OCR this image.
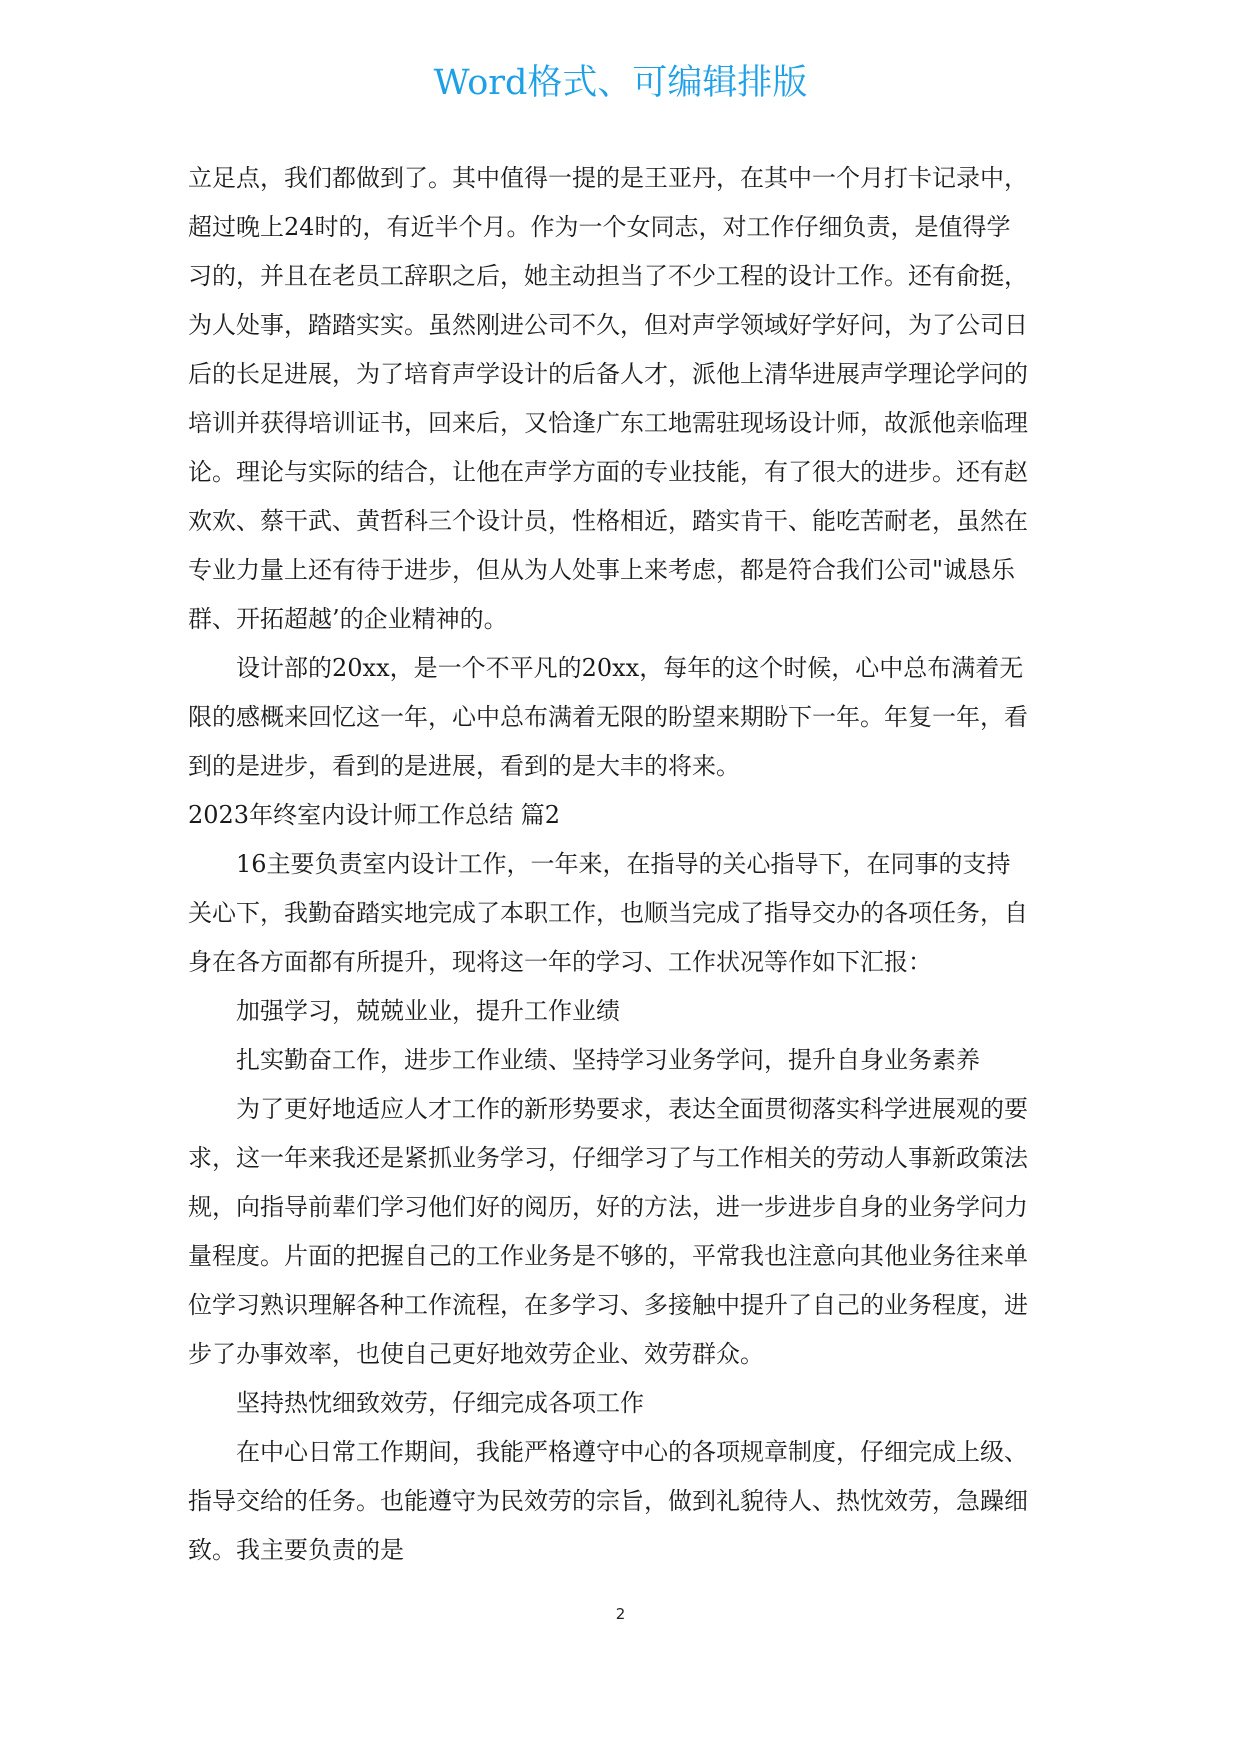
Word格式、可编辑排版
立足点，我们都做到了。其中值得一提的是王亚丹，在其中一个月打卡记录中，
超过晚上24时的，有近半个月。作为一个女同志，对工作仔细负责，是值得学
习的，并且在老员工辞职之后，她主动担当了不少工程的设计工作。还有俞挺，
为人处事，踏踏实实。虽然刚进公司不久，但对声学领域好学好问，为了公司日
后的长足进展，为了培育声学设计的后备人才，派他上清华进展声学理论学问的
培训并获得培训证书，回来后，又恰逢广东工地需驻现场设计师，故派他亲临理
论。理论与实际的结合，让他在声学方面的专业技能，有了很大的进步。还有赵
欢欢、蔡干武、黄哲科三个设计员，性格相近，踏实肯干、能吃苦耐老，虽然在
专业力量上还有待于进步，但从为人处事上来考虑，都是符合我们公司"诚恳乐
群、开拓超越’的企业精神的。
设计部的20xx，是一个不平凡的20xx，每年的这个时候，心中总布满着无
限的感概来回忆这一年，心中总布满着无限的盼望来期盼下一年。年复一年，看
到的是进步，看到的是进展，看到的是大丰的将来。
2023年终室内设计师工作总结 篇2
16主要负责室内设计工作，一年来，在指导的关心指导下，在同事的支持
关心下，我勤奋踏实地完成了本职工作，也顺当完成了指导交办的各项任务，自
身在各方面都有所提升，现将这一年的学习、工作状况等作如下汇报：
加强学习，兢兢业业，提升工作业绩
扎实勤奋工作，进步工作业绩、坚持学习业务学问，提升自身业务素养
为了更好地适应人才工作的新形势要求，表达全面贯彻落实科学进展观的要
求，这一年来我还是紧抓业务学习，仔细学习了与工作相关的劳动人事新政策法
规，向指导前辈们学习他们好的阅历，好的方法，进一步进步自身的业务学问力
量程度。片面的把握自己的工作业务是不够的，平常我也注意向其他业务往来单
位学习熟识理解各种工作流程，在多学习、多接触中提升了自己的业务程度，进
步了办事效率，也使自己更好地效劳企业、效劳群众。
坚持热忱细致效劳，仔细完成各项工作
在中心日常工作期间，我能严格遵守中心的各项规章制度，仔细完成上级、
指导交给的任务。也能遵守为民效劳的宗旨，做到礼貌待人、热忱效劳，急躁细
致。我主要负责的是
2
